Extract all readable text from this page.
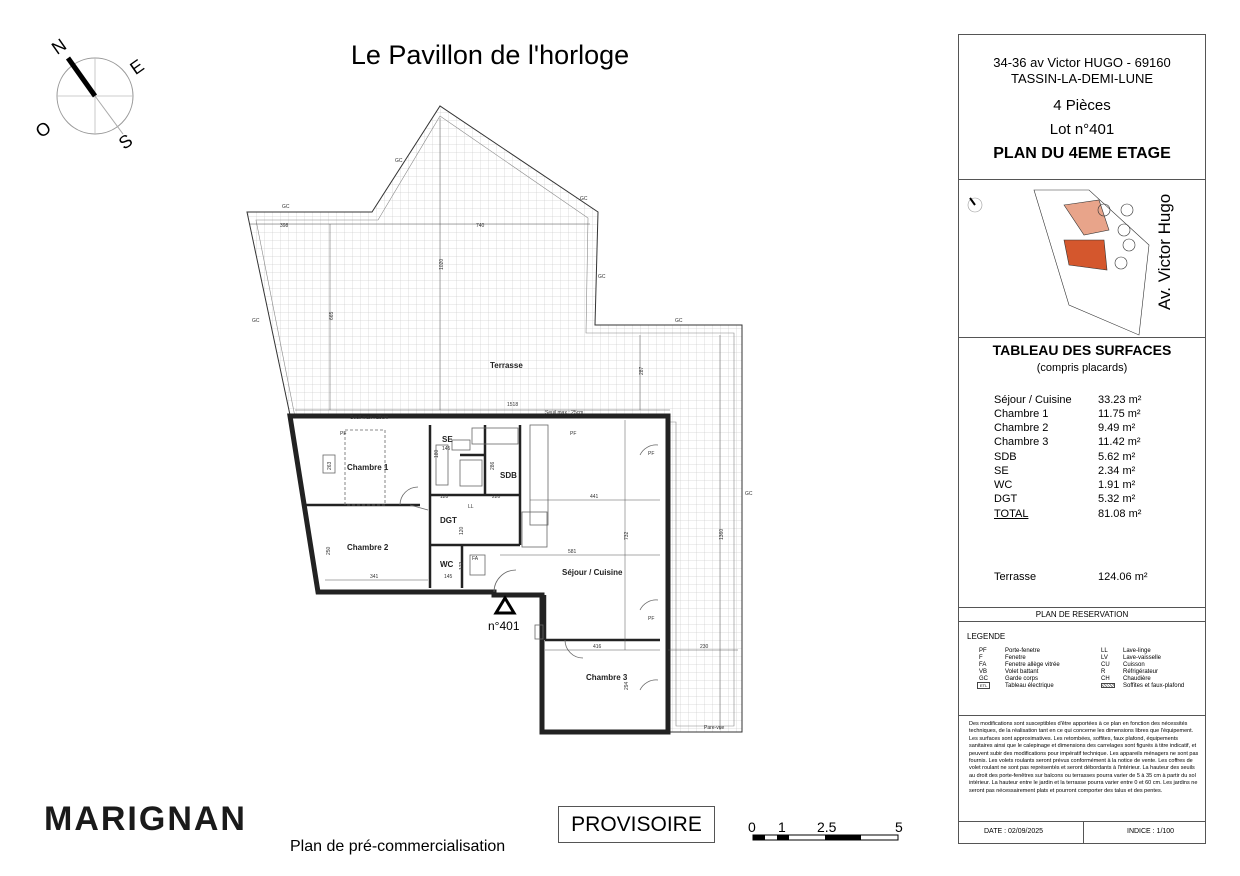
Le Pavillon de l'horloge
N
E
S
O
Terrasse
Chambre 1
Chambre 2
Chambre 3
Séjour / Cuisine
SDB
SE
DGT
WC
398	740
1020
665
1518
287
1360
441
732
581
416	230
341
145
145
120	220
263	286
294
120
172
180
250
GC
GC
GC
GC
GC
GC
GC
Seuil max : 25cm
Seuil max : 25cm
PF	PF
PF
PF
Pare-vue
LL
FA
n°401
34-36 av Victor HUGO - 69160
TASSIN-LA-DEMI-LUNE
4 Pièces
Lot n°401
PLAN DU 4EME ETAGE
Av. Victor Hugo
TABLEAU DES SURFACES
(compris placards)
Séjour / Cuisine 33.23 m²
Chambre 1	11.75 m²
Chambre 2	9.49 m²
Chambre 3	11.42 m²
SDB	5.62 m²
SE	2.34 m²
WC	1.91 m²
DGT	5.32 m²
TOTAL	81.08 m²
Terrasse	124.06 m²
PLAN DE RESERVATION
LEGENDE
PF	Porte-fenetre
F	Fenetre
FA	Fenetre allège vitrée
VB	Volet battant
GC	Garde corps
ETL	Tableau électrique
LL	Lave-linge
LV	Lave-vaisselle
CU Cuisson
R	Réfrigérateur
CH Chaudière
Soffites et faux-plafond
Des modifications sont susceptibles d'être apportées à ce plan en fonction des nécessités techniques, de la réalisation tant en ce qui concerne les dimensions libres que l'équipement. Les surfaces sont approximatives. Les retombées, soffites, faux plafond, équipements sanitaires ainsi que le calepinage et dimensions des carrelages sont figurés à titre indicatif, et peuvent subir des modifications pour impératif technique. Les appareils ménagers ne sont pas fournis. Les volets roulants seront prévus conformément à la notice de vente. Les coffres de volet roulant ne sont pas représentés et seront débordants à l'intérieur. La hauteur des seuils au droit des porte-fenêtres sur balcons ou terrasses pourra varier de 5 à 35 cm à partir du sol intérieur. La hauteur entre le jardin et la terrasse pourra varier entre 0 et 60 cm. Les jardins ne seront pas nécessairement plats et pourront comporter des talus et des pentes.
DATE : 02/09/2025	INDICE : 1/100
MARIGNAN
Plan de pré-commercialisation
PROVISOIRE	0 1 2.5	5
